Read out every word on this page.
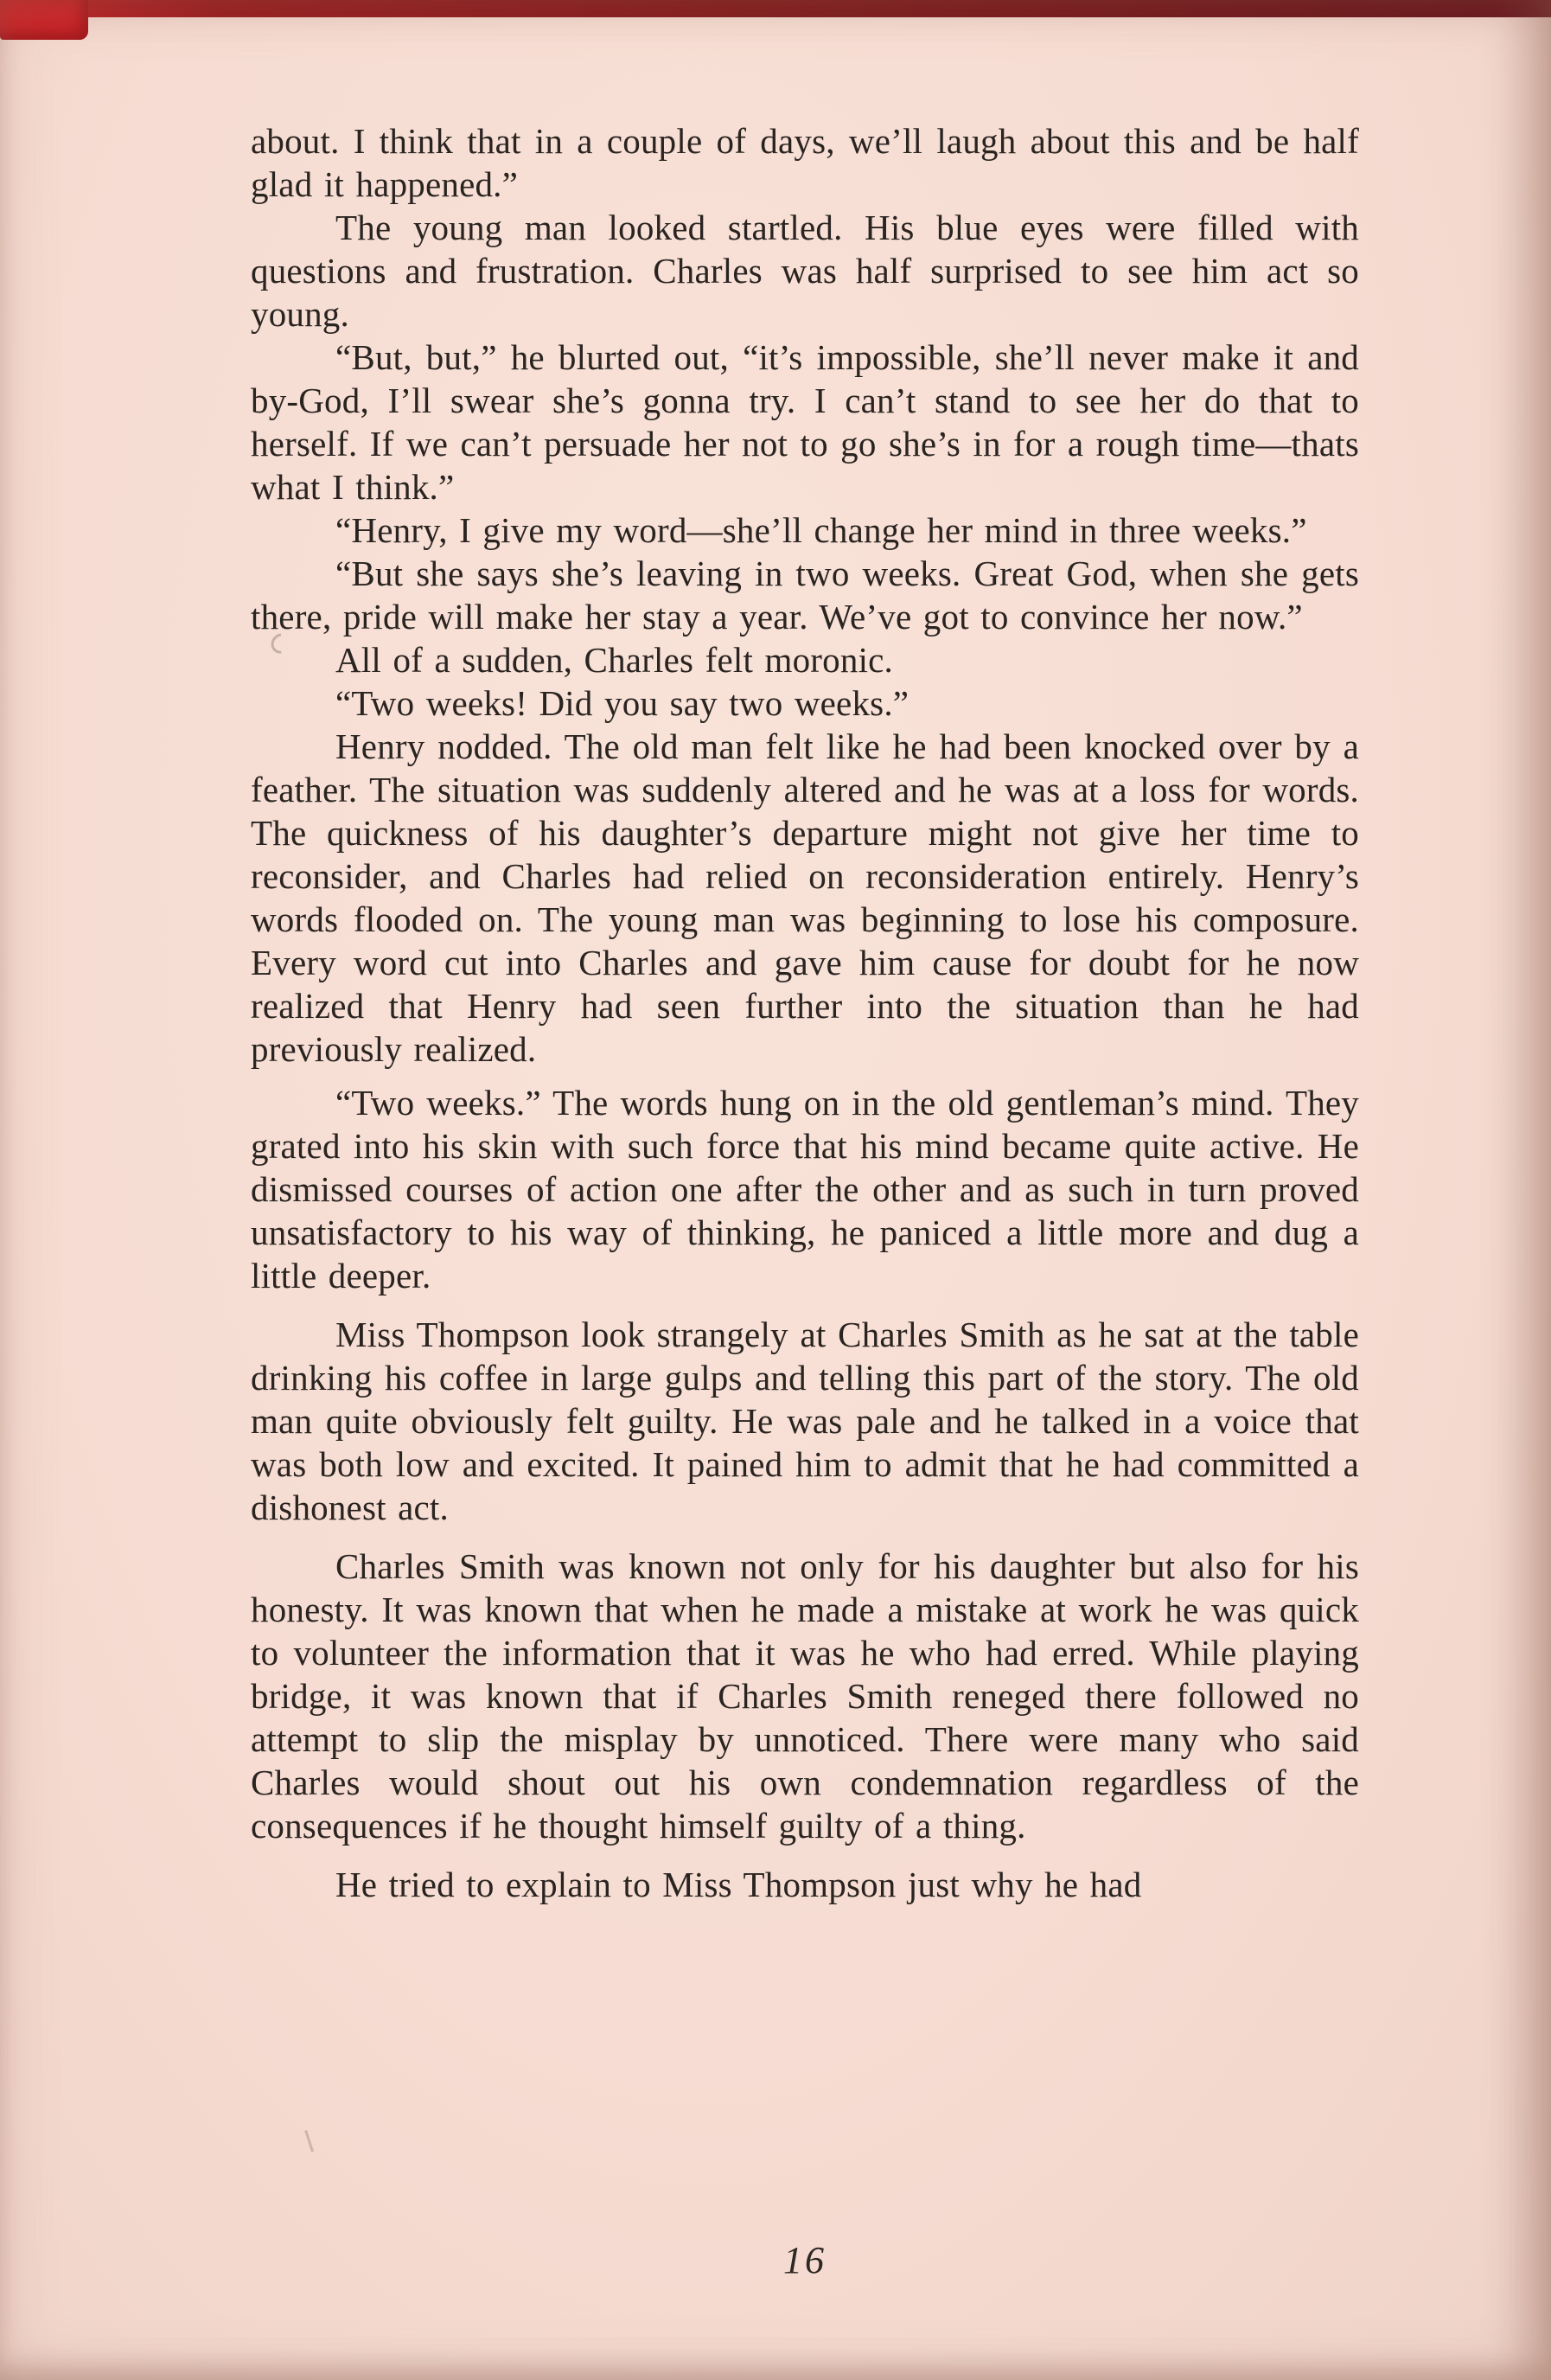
about. I think that in a couple of days, we’ll laugh about this and be half glad it happened.”

The young man looked startled. His blue eyes were filled with questions and frustration. Charles was half surprised to see him act so young.

“But, but,” he blurted out, “it’s impossible, she’ll never make it and by-God, I’ll swear she’s gonna try. I can’t stand to see her do that to herself. If we can’t persuade her not to go she’s in for a rough time—thats what I think.”

“Henry, I give my word—she’ll change her mind in three weeks.”

“But she says she’s leaving in two weeks. Great God, when she gets there, pride will make her stay a year. We’ve got to convince her now.”

All of a sudden, Charles felt moronic.

“Two weeks! Did you say two weeks.”

Henry nodded. The old man felt like he had been knocked over by a feather. The situation was suddenly altered and he was at a loss for words. The quickness of his daughter’s departure might not give her time to reconsider, and Charles had relied on reconsideration entirely. Henry’s words flooded on. The young man was beginning to lose his composure. Every word cut into Charles and gave him cause for doubt for he now realized that Henry had seen further into the situation than he had previously realized.

“Two weeks.” The words hung on in the old gentleman’s mind. They grated into his skin with such force that his mind became quite active. He dismissed courses of action one after the other and as such in turn proved unsatisfactory to his way of thinking, he paniced a little more and dug a little deeper.

Miss Thompson look strangely at Charles Smith as he sat at the table drinking his coffee in large gulps and telling this part of the story. The old man quite obviously felt guilty. He was pale and he talked in a voice that was both low and excited. It pained him to admit that he had committed a dishonest act.

Charles Smith was known not only for his daughter but also for his honesty. It was known that when he made a mistake at work he was quick to volunteer the information that it was he who had erred. While playing bridge, it was known that if Charles Smith reneged there followed no attempt to slip the misplay by unnoticed. There were many who said Charles would shout out his own condemnation regardless of the consequences if he thought himself guilty of a thing.

He tried to explain to Miss Thompson just why he had

16
